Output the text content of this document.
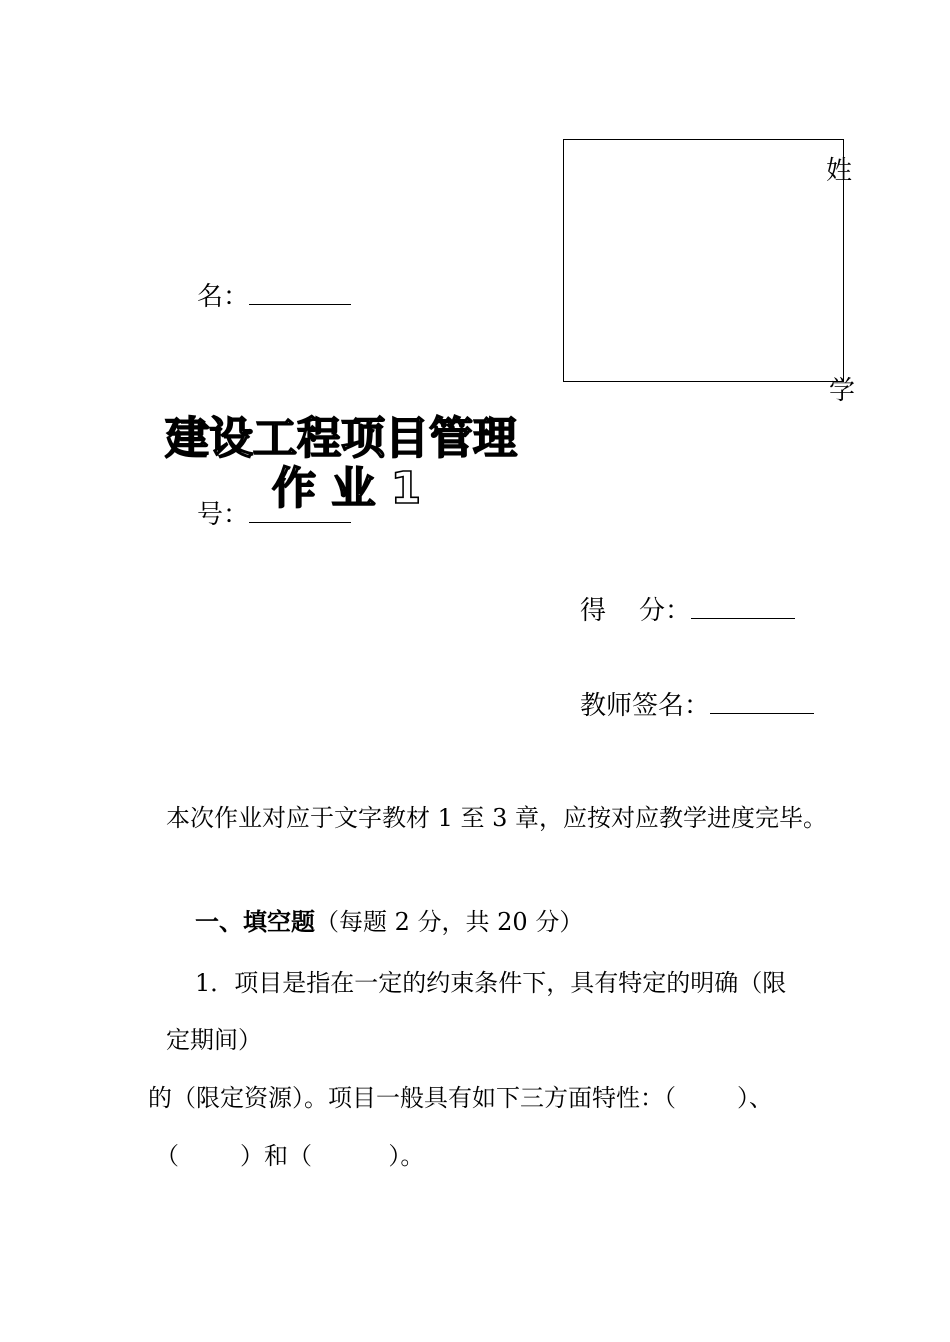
姓
学
名：
建设工程项目管理
作 业 1
号：
得    分：
教师签名：
本次作业对应于文字教材 1 至 3 章，应按对应教学进度完毕。
一、填空题（每题 2 分，共 20 分）
1．项目是指在一定的约束条件下，具有特定的明确（限
定期间）
的（限定资源）。项目一般具有如下三方面特性：（        ）、
（        ）和（          ）。
